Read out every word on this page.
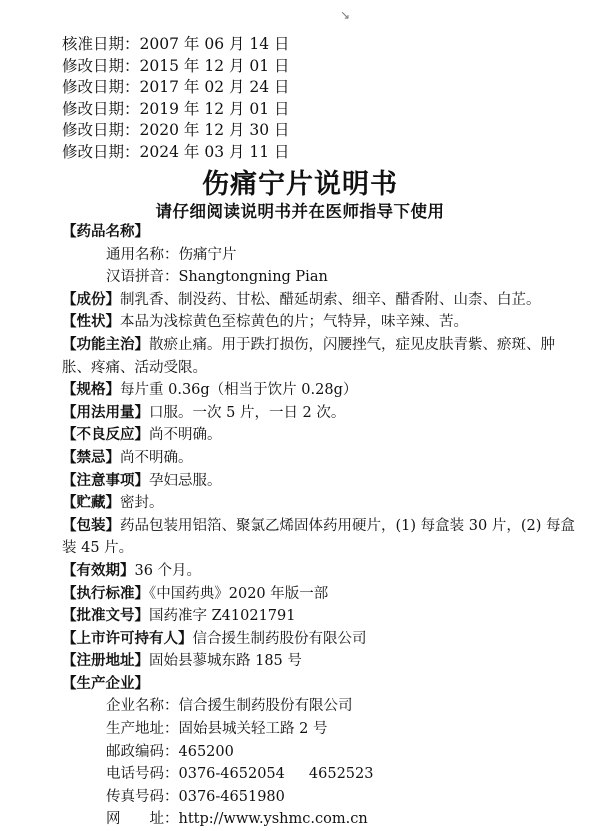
↘
核准日期：2007 年 06 月 14 日
修改日期：2015 年 12 月 01 日
修改日期：2017 年 02 月 24 日
修改日期：2019 年 12 月 01 日
修改日期：2020 年 12 月 30 日
修改日期：2024 年 03 月 11 日
伤痛宁片说明书
请仔细阅读说明书并在医师指导下使用
【药品名称】
通用名称：伤痛宁片
汉语拼音：Shangtongning Pian
【成份】制乳香、制没药、甘松、醋延胡索、细辛、醋香附、山柰、白芷。
【性状】本品为浅棕黄色至棕黄色的片；气特异，味辛辣、苦。
【功能主治】散瘀止痛。用于跌打损伤，闪腰挫气，症见皮肤青紫、瘀斑、肿胀、疼痛、活动受限。
【规格】每片重 0.36g（相当于饮片 0.28g）
【用法用量】口服。一次 5 片，一日 2 次。
【不良反应】尚不明确。
【禁忌】尚不明确。
【注意事项】孕妇忌服。
【贮藏】密封。
【包装】药品包装用铝箔、聚氯乙烯固体药用硬片，(1) 每盒装 30 片，(2) 每盒装 45 片。
【有效期】36 个月。
【执行标准】《中国药典》2020 年版一部
【批准文号】国药准字 Z41021791
【上市许可持有人】信合援生制药股份有限公司
【注册地址】固始县蓼城东路 185 号
【生产企业】
企业名称：信合援生制药股份有限公司
生产地址：固始县城关轻工路 2 号
邮政编码：465200
电话号码：0376-4652054 4652523
传真号码：0376-4651980
网　　址：http://www.yshmc.com.cn
